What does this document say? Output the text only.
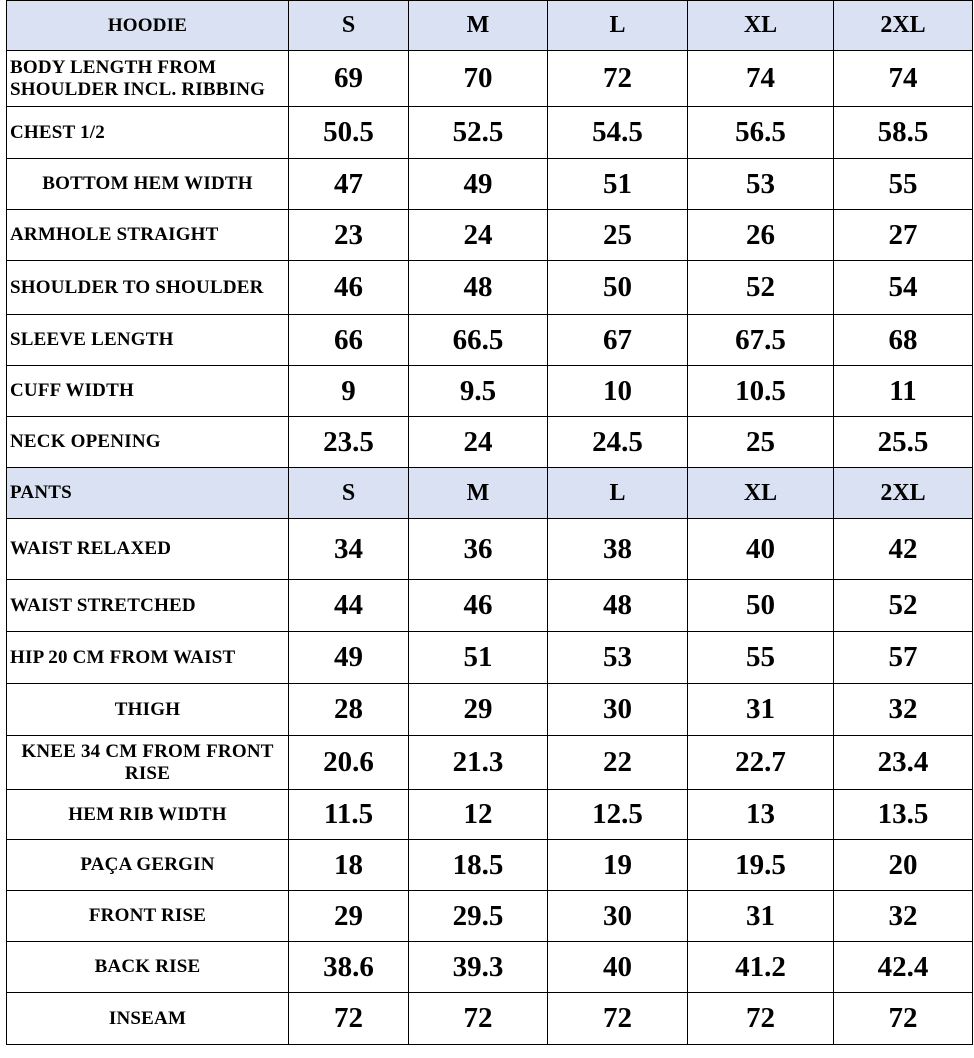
HOODIE	S	M	L	XL	2XL
BODY LENGTH FROM SHOULDER INCL. RIBBING	69	70	72	74	74
CHEST 1/2	50.5	52.5	54.5	56.5	58.5
BOTTOM HEM WIDTH	47	49	51	53	55
ARMHOLE STRAIGHT	23	24	25	26	27
SHOULDER TO SHOULDER	46	48	50	52	54
SLEEVE LENGTH	66	66.5	67	67.5	68
CUFF WIDTH	9	9.5	10	10.5	11
NECK OPENING	23.5	24	24.5	25	25.5
PANTS	S	M	L	XL	2XL
WAIST RELAXED	34	36	38	40	42
WAIST STRETCHED	44	46	48	50	52
HIP 20 CM FROM WAIST	49	51	53	55	57
THIGH	28	29	30	31	32
KNEE 34 CM FROM FRONT RISE	20.6	21.3	22	22.7	23.4
HEM RIB WIDTH	11.5	12	12.5	13	13.5
PAÇA GERGIN	18	18.5	19	19.5	20
FRONT RISE	29	29.5	30	31	32
BACK RISE	38.6	39.3	40	41.2	42.4
INSEAM	72	72	72	72	72
